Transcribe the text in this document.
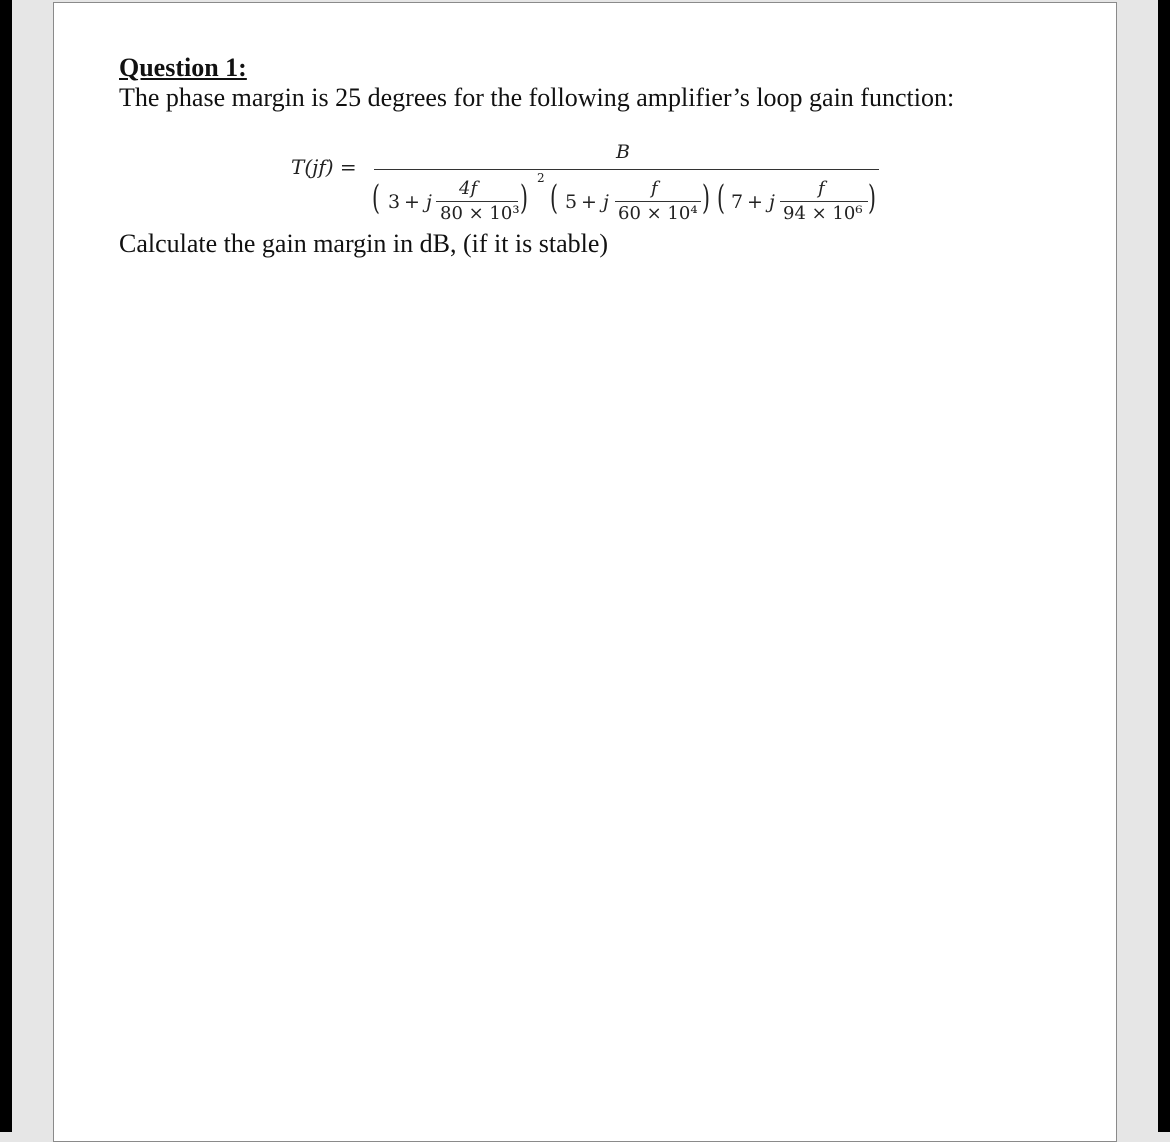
Question 1:
The phase margin is 25 degrees for the following amplifier’s loop gain function:
T(jf) =
B
( 3 + j
4f
80 × 10³ ) 2 ( 5 + j
f
60 × 10⁴ ) ( 7 + j
f
94 × 10⁶ )
Calculate the gain margin in dB, (if it is stable)
